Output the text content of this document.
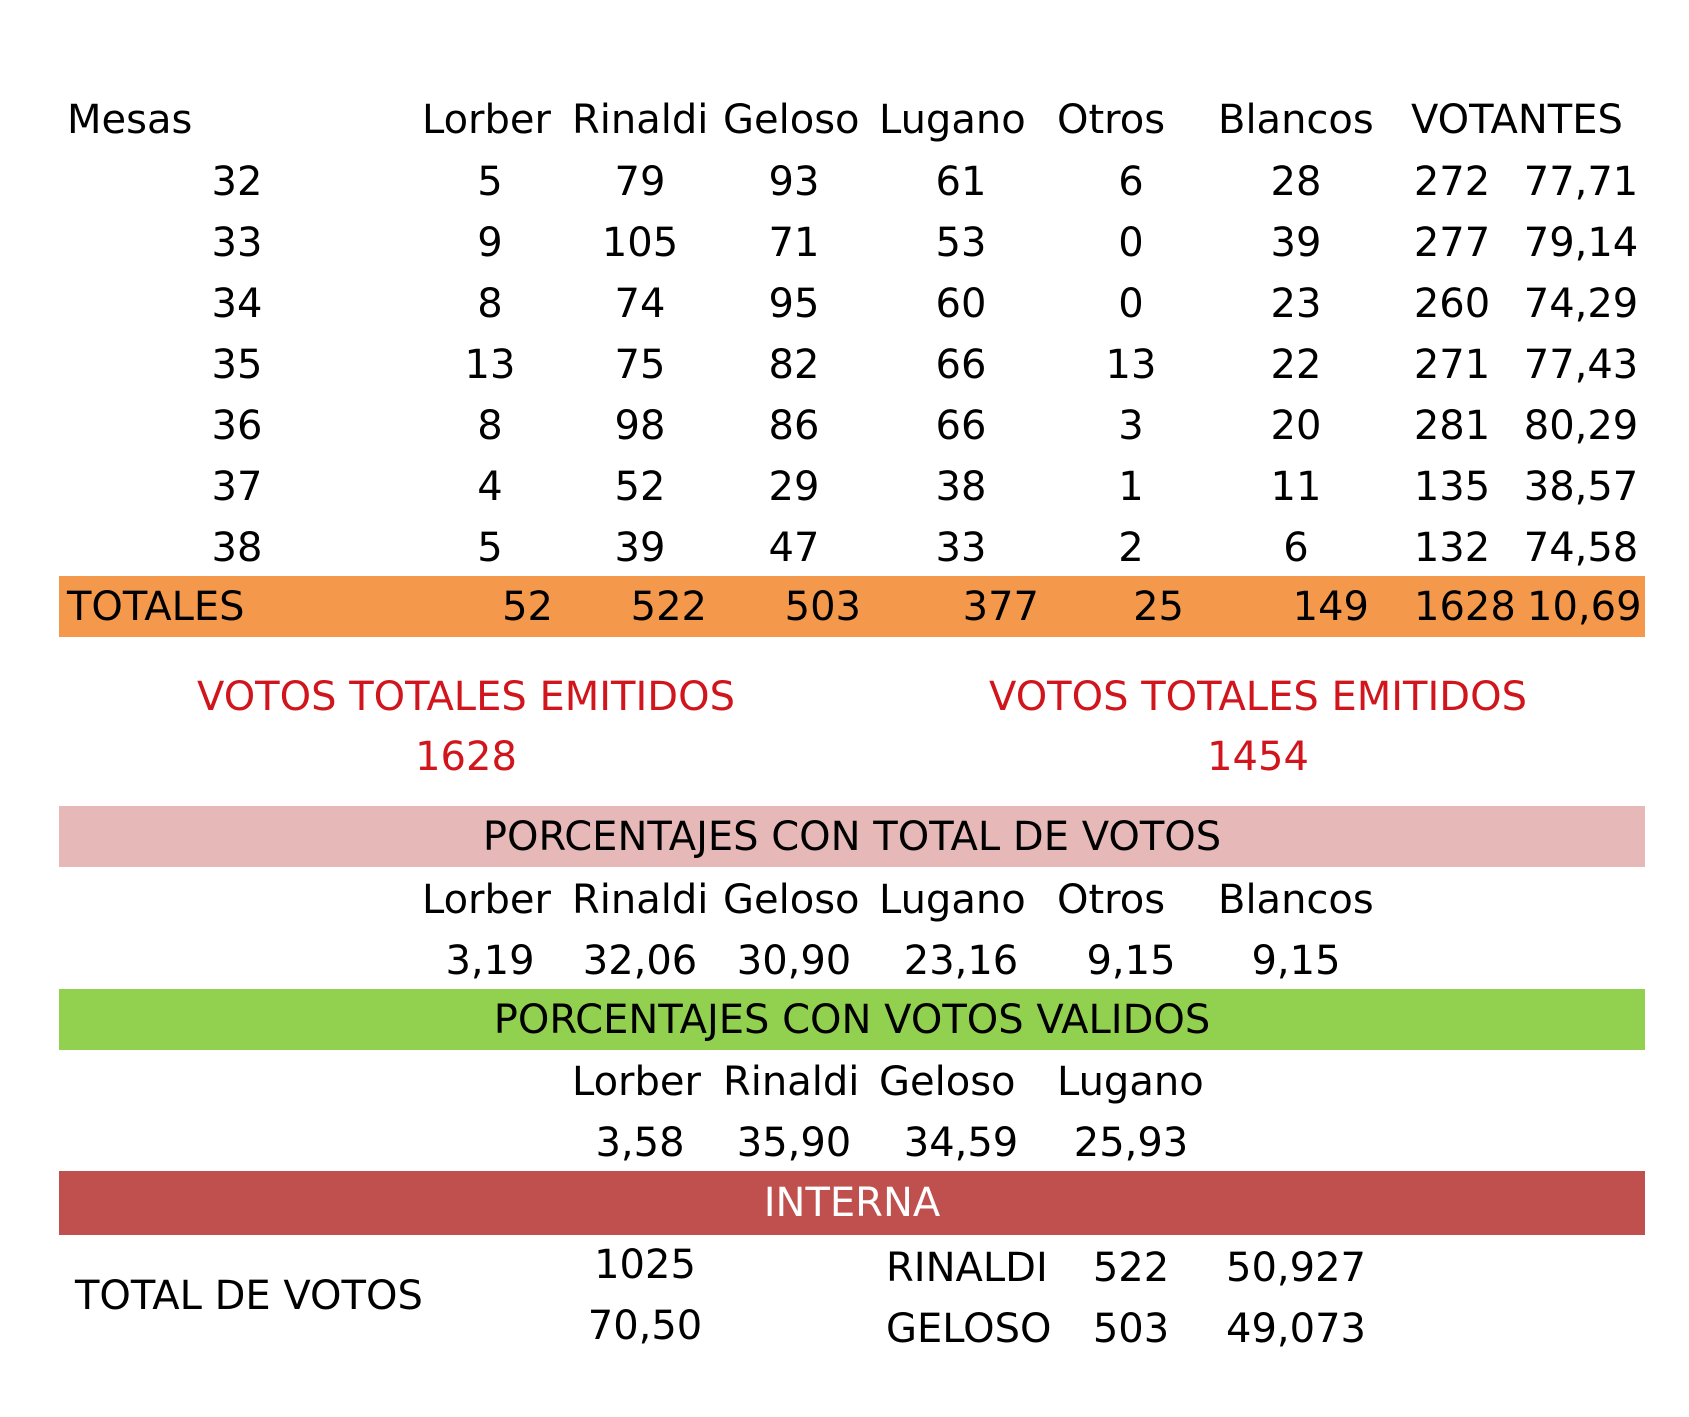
Mesas	Lorber Rinaldi Geloso Lugano Otros Blancos VOTANTES
32	5	79	93	61	6	28 272 77,71
33	9 105 71	53	0	39 277 79,14
34	8	74	95	60	0	23 260 74,29
35	13 75	82	66	13	22 271 77,43
36	8	98	86	66	3	20 281 80,29
37	4	52	29	38	1	11 135 38,57
38	5	39	47	33	2	6	132 74,58
TOTALES	52 522 503	377 25	149 1628 10,69
VOTOS TOTALES EMITIDOS
1628
VOTOS TOTALES EMITIDOS
1454
PORCENTAJES CON TOTAL DE VOTOS
Lorber Rinaldi Geloso Lugano Otros Blancos
3,19 32,06 30,90 23,16 9,15 9,15
PORCENTAJES CON VOTOS VALIDOS
Lorber Rinaldi Geloso Lugano
3,58 35,90 34,59 25,93
INTERNA
TOTAL DE VOTOS
1025
70,50
RINALDI 522 50,927
GELOSO 503 49,073
